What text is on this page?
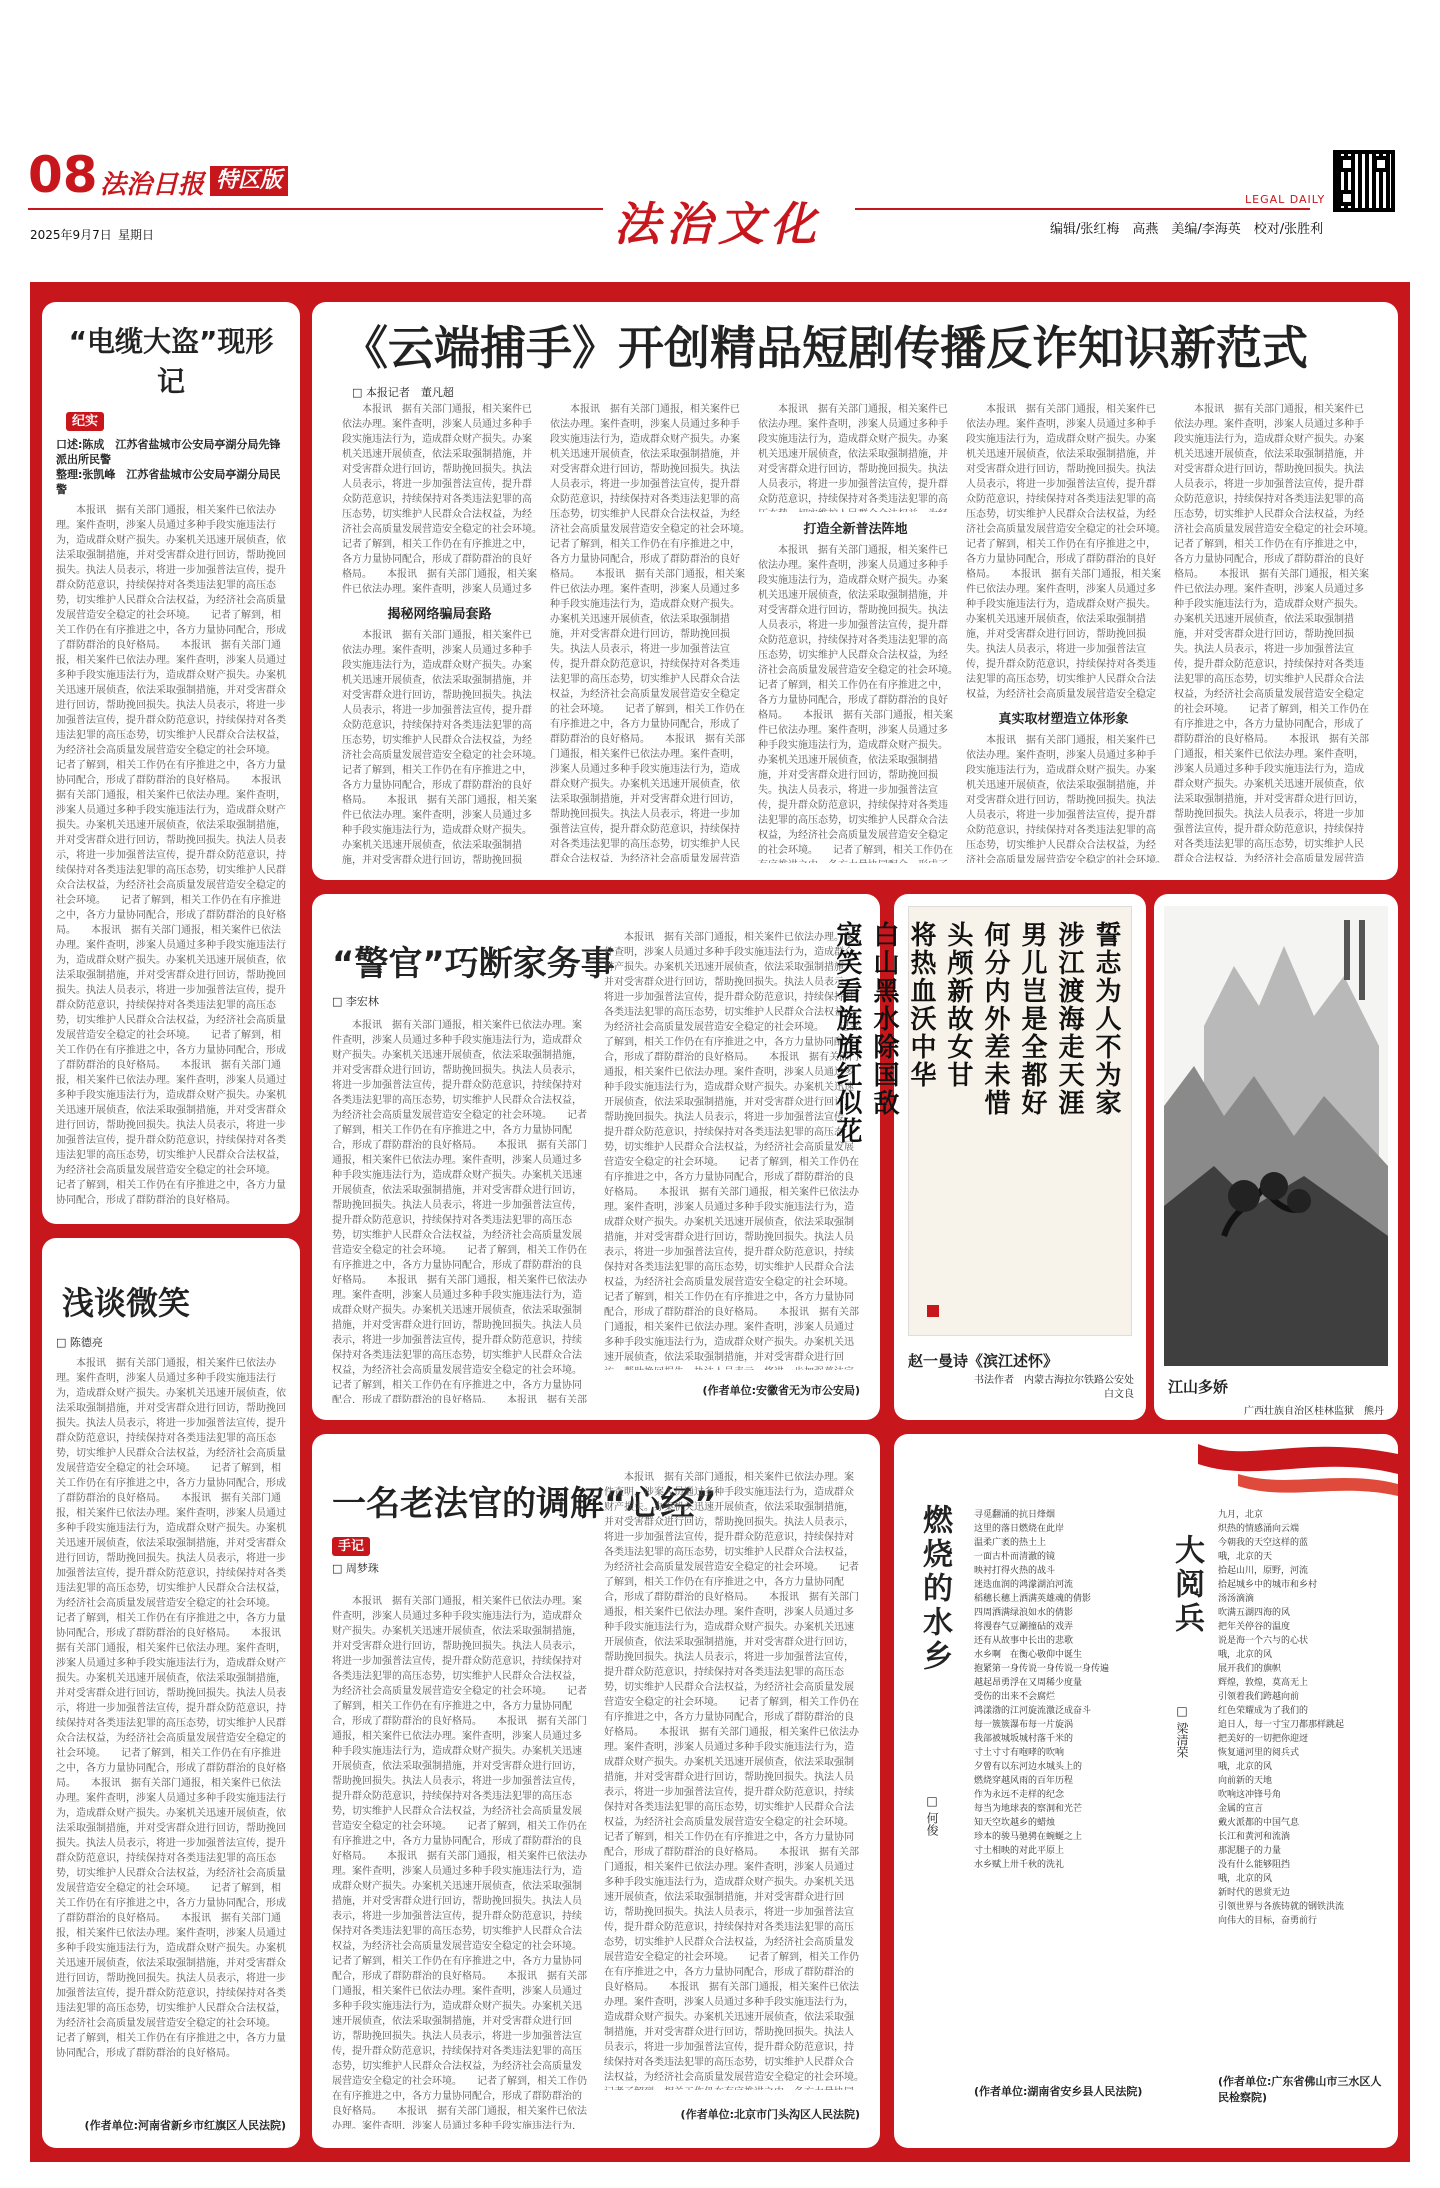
08 法治日报 特区版
2025年9月7日 星期日	法治文化	LEGAL DAILY
编辑/张红梅　高燕　美编/李海英　校对/张胜利
“电缆大盗”现形记
纪实
口述:陈成　江苏省盐城市公安局亭湖分局先锋派出所民警
整理:张凯峰　江苏省盐城市公安局亭湖分局民警
　　本报讯　据有关部门通报，相关案件已依法办理。案件查明，涉案人员通过多种手段实施违法行为，造成群众财产损失。办案机关迅速开展侦查，依法采取强制措施，并对受害群众进行回访，帮助挽回损失。执法人员表示，将进一步加强普法宣传，提升群众防范意识，持续保持对各类违法犯罪的高压态势，切实维护人民群众合法权益，为经济社会高质量发展营造安全稳定的社会环境。　　记者了解到，相关工作仍在有序推进之中，各方力量协同配合，形成了群防群治的良好格局。　　本报讯　据有关部门通报，相关案件已依法办理。案件查明，涉案人员通过多种手段实施违法行为，造成群众财产损失。办案机关迅速开展侦查，依法采取强制措施，并对受害群众进行回访，帮助挽回损失。执法人员表示，将进一步加强普法宣传，提升群众防范意识，持续保持对各类违法犯罪的高压态势，切实维护人民群众合法权益，为经济社会高质量发展营造安全稳定的社会环境。　　记者了解到，相关工作仍在有序推进之中，各方力量协同配合，形成了群防群治的良好格局。　　本报讯　据有关部门通报，相关案件已依法办理。案件查明，涉案人员通过多种手段实施违法行为，造成群众财产损失。办案机关迅速开展侦查，依法采取强制措施，并对受害群众进行回访，帮助挽回损失。执法人员表示，将进一步加强普法宣传，提升群众防范意识，持续保持对各类违法犯罪的高压态势，切实维护人民群众合法权益，为经济社会高质量发展营造安全稳定的社会环境。　　记者了解到，相关工作仍在有序推进之中，各方力量协同配合，形成了群防群治的良好格局。　　本报讯　据有关部门通报，相关案件已依法办理。案件查明，涉案人员通过多种手段实施违法行为，造成群众财产损失。办案机关迅速开展侦查，依法采取强制措施，并对受害群众进行回访，帮助挽回损失。执法人员表示，将进一步加强普法宣传，提升群众防范意识，持续保持对各类违法犯罪的高压态势，切实维护人民群众合法权益，为经济社会高质量发展营造安全稳定的社会环境。　　记者了解到，相关工作仍在有序推进之中，各方力量协同配合，形成了群防群治的良好格局。　　本报讯　据有关部门通报，相关案件已依法办理。案件查明，涉案人员通过多种手段实施违法行为，造成群众财产损失。办案机关迅速开展侦查，依法采取强制措施，并对受害群众进行回访，帮助挽回损失。执法人员表示，将进一步加强普法宣传，提升群众防范意识，持续保持对各类违法犯罪的高压态势，切实维护人民群众合法权益，为经济社会高质量发展营造安全稳定的社会环境。　　记者了解到，相关工作仍在有序推进之中，各方力量协同配合，形成了群防群治的良好格局。
浅谈微笑
□ 陈德亮
　　本报讯　据有关部门通报，相关案件已依法办理。案件查明，涉案人员通过多种手段实施违法行为，造成群众财产损失。办案机关迅速开展侦查，依法采取强制措施，并对受害群众进行回访，帮助挽回损失。执法人员表示，将进一步加强普法宣传，提升群众防范意识，持续保持对各类违法犯罪的高压态势，切实维护人民群众合法权益，为经济社会高质量发展营造安全稳定的社会环境。　　记者了解到，相关工作仍在有序推进之中，各方力量协同配合，形成了群防群治的良好格局。　　本报讯　据有关部门通报，相关案件已依法办理。案件查明，涉案人员通过多种手段实施违法行为，造成群众财产损失。办案机关迅速开展侦查，依法采取强制措施，并对受害群众进行回访，帮助挽回损失。执法人员表示，将进一步加强普法宣传，提升群众防范意识，持续保持对各类违法犯罪的高压态势，切实维护人民群众合法权益，为经济社会高质量发展营造安全稳定的社会环境。　　记者了解到，相关工作仍在有序推进之中，各方力量协同配合，形成了群防群治的良好格局。　　本报讯　据有关部门通报，相关案件已依法办理。案件查明，涉案人员通过多种手段实施违法行为，造成群众财产损失。办案机关迅速开展侦查，依法采取强制措施，并对受害群众进行回访，帮助挽回损失。执法人员表示，将进一步加强普法宣传，提升群众防范意识，持续保持对各类违法犯罪的高压态势，切实维护人民群众合法权益，为经济社会高质量发展营造安全稳定的社会环境。　　记者了解到，相关工作仍在有序推进之中，各方力量协同配合，形成了群防群治的良好格局。　　本报讯　据有关部门通报，相关案件已依法办理。案件查明，涉案人员通过多种手段实施违法行为，造成群众财产损失。办案机关迅速开展侦查，依法采取强制措施，并对受害群众进行回访，帮助挽回损失。执法人员表示，将进一步加强普法宣传，提升群众防范意识，持续保持对各类违法犯罪的高压态势，切实维护人民群众合法权益，为经济社会高质量发展营造安全稳定的社会环境。　　记者了解到，相关工作仍在有序推进之中，各方力量协同配合，形成了群防群治的良好格局。　　本报讯　据有关部门通报，相关案件已依法办理。案件查明，涉案人员通过多种手段实施违法行为，造成群众财产损失。办案机关迅速开展侦查，依法采取强制措施，并对受害群众进行回访，帮助挽回损失。执法人员表示，将进一步加强普法宣传，提升群众防范意识，持续保持对各类违法犯罪的高压态势，切实维护人民群众合法权益，为经济社会高质量发展营造安全稳定的社会环境。　　记者了解到，相关工作仍在有序推进之中，各方力量协同配合，形成了群防群治的良好格局。
(作者单位:河南省新乡市红旗区人民法院)
《云端捕手》开创精品短剧传播反诈知识新范式
□ 本报记者　董凡超
　　本报讯　据有关部门通报，相关案件已依法办理。案件查明，涉案人员通过多种手段实施违法行为，造成群众财产损失。办案机关迅速开展侦查，依法采取强制措施，并对受害群众进行回访，帮助挽回损失。执法人员表示，将进一步加强普法宣传，提升群众防范意识，持续保持对各类违法犯罪的高压态势，切实维护人民群众合法权益，为经济社会高质量发展营造安全稳定的社会环境。　　记者了解到，相关工作仍在有序推进之中，各方力量协同配合，形成了群防群治的良好格局。　　本报讯　据有关部门通报，相关案件已依法办理。案件查明，涉案人员通过多种手段实施违法行为，造成群众财产损失。办案机关迅速开展侦查，依法采取强制措施，并对受害群众进行回访，帮助挽回损失。执法人员表示，将进一步加强普法宣传，提升群众防范意识，持续保持对各类违法犯罪的高压态势，切实维护人民群众合法权益，为经济社会高质量发展营造安全稳定的社会环境。　　记者了解到，相关工作仍在有序推进之中，各方力量协同配合，形成了群防群治的良好格局。　　本报讯　据有关部门通报，相关案件已依法办理。案件查明，涉案人员通过多种手段实施违法行为，造成群众财产损失。办案机关迅速开展侦查，依法采取强制措施，并对受害群众进行回访，帮助挽回损失。执法人员表示，将进一步加强普法宣传，提升群众防范意识，持续保持对各类违法犯罪的高压态势，切实维护人民群众合法权益，为经济社会高质量发展营造安全稳定的社会环境。　　记者了解到，相关工作仍在有序推进之中，各方力量协同配合，形成了群防群治的良好格局。　　本报讯　据有关部门通报，相关案件已依法办理。案件查明，涉案人员通过多种手段实施违法行为，造成群众财产损失。办案机关迅速开展侦查，依法采取强制措施，并对受害群众进行回访，帮助挽回损失。执法人员表示，将进一步加强普法宣传，提升群众防范意识，持续保持对各类违法犯罪的高压态势，切实维护人民群众合法权益，为经济社会高质量发展营造安全稳定的社会环境。　　记者了解到，相关工作仍在有序推进之中，各方力量协同配合，形成了群防群治的良好格局。　　本报讯　据有关部门通报，相关案件已依法办理。案件查明，涉案人员通过多种手段实施违法行为，造成群众财产损失。办案机关迅速开展侦查，依法采取强制措施，并对受害群众进行回访，帮助挽回损失。执法人员表示，将进一步加强普法宣传，提升群众防范意识，持续保持对各类违法犯罪的高压态势，切实维护人民群众合法权益，为经济社会高质量发展营造安全稳定的社会环境。　　记者了解到，相关工作仍在有序推进之中，各方力量协同配合，形成了群防群治的良好格局。
揭秘网络骗局套路
　　本报讯　据有关部门通报，相关案件已依法办理。案件查明，涉案人员通过多种手段实施违法行为，造成群众财产损失。办案机关迅速开展侦查，依法采取强制措施，并对受害群众进行回访，帮助挽回损失。执法人员表示，将进一步加强普法宣传，提升群众防范意识，持续保持对各类违法犯罪的高压态势，切实维护人民群众合法权益，为经济社会高质量发展营造安全稳定的社会环境。　　记者了解到，相关工作仍在有序推进之中，各方力量协同配合，形成了群防群治的良好格局。　　本报讯　据有关部门通报，相关案件已依法办理。案件查明，涉案人员通过多种手段实施违法行为，造成群众财产损失。办案机关迅速开展侦查，依法采取强制措施，并对受害群众进行回访，帮助挽回损失。执法人员表示，将进一步加强普法宣传，提升群众防范意识，持续保持对各类违法犯罪的高压态势，切实维护人民群众合法权益，为经济社会高质量发展营造安全稳定的社会环境。　　记者了解到，相关工作仍在有序推进之中，各方力量协同配合，形成了群防群治的良好格局。　　本报讯　据有关部门通报，相关案件已依法办理。案件查明，涉案人员通过多种手段实施违法行为，造成群众财产损失。办案机关迅速开展侦查，依法采取强制措施，并对受害群众进行回访，帮助挽回损失。执法人员表示，将进一步加强普法宣传，提升群众防范意识，持续保持对各类违法犯罪的高压态势，切实维护人民群众合法权益，为经济社会高质量发展营造安全稳定的社会环境。　　记者了解到，相关工作仍在有序推进之中，各方力量协同配合，形成了群防群治的良好格局。　　本报讯　据有关部门通报，相关案件已依法办理。案件查明，涉案人员通过多种手段实施违法行为，造成群众财产损失。办案机关迅速开展侦查，依法采取强制措施，并对受害群众进行回访，帮助挽回损失。执法人员表示，将进一步加强普法宣传，提升群众防范意识，持续保持对各类违法犯罪的高压态势，切实维护人民群众合法权益，为经济社会高质量发展营造安全稳定的社会环境。　　记者了解到，相关工作仍在有序推进之中，各方力量协同配合，形成了群防群治的良好格局。　　本报讯　据有关部门通报，相关案件已依法办理。案件查明，涉案人员通过多种手段实施违法行为，造成群众财产损失。办案机关迅速开展侦查，依法采取强制措施，并对受害群众进行回访，帮助挽回损失。执法人员表示，将进一步加强普法宣传，提升群众防范意识，持续保持对各类违法犯罪的高压态势，切实维护人民群众合法权益，为经济社会高质量发展营造安全稳定的社会环境。　　记者了解到，相关工作仍在有序推进之中，各方力量协同配合，形成了群防群治的良好格局。
　　本报讯　据有关部门通报，相关案件已依法办理。案件查明，涉案人员通过多种手段实施违法行为，造成群众财产损失。办案机关迅速开展侦查，依法采取强制措施，并对受害群众进行回访，帮助挽回损失。执法人员表示，将进一步加强普法宣传，提升群众防范意识，持续保持对各类违法犯罪的高压态势，切实维护人民群众合法权益，为经济社会高质量发展营造安全稳定的社会环境。　　记者了解到，相关工作仍在有序推进之中，各方力量协同配合，形成了群防群治的良好格局。　　本报讯　据有关部门通报，相关案件已依法办理。案件查明，涉案人员通过多种手段实施违法行为，造成群众财产损失。办案机关迅速开展侦查，依法采取强制措施，并对受害群众进行回访，帮助挽回损失。执法人员表示，将进一步加强普法宣传，提升群众防范意识，持续保持对各类违法犯罪的高压态势，切实维护人民群众合法权益，为经济社会高质量发展营造安全稳定的社会环境。　　记者了解到，相关工作仍在有序推进之中，各方力量协同配合，形成了群防群治的良好格局。　　本报讯　据有关部门通报，相关案件已依法办理。案件查明，涉案人员通过多种手段实施违法行为，造成群众财产损失。办案机关迅速开展侦查，依法采取强制措施，并对受害群众进行回访，帮助挽回损失。执法人员表示，将进一步加强普法宣传，提升群众防范意识，持续保持对各类违法犯罪的高压态势，切实维护人民群众合法权益，为经济社会高质量发展营造安全稳定的社会环境。　　记者了解到，相关工作仍在有序推进之中，各方力量协同配合，形成了群防群治的良好格局。　　本报讯　据有关部门通报，相关案件已依法办理。案件查明，涉案人员通过多种手段实施违法行为，造成群众财产损失。办案机关迅速开展侦查，依法采取强制措施，并对受害群众进行回访，帮助挽回损失。执法人员表示，将进一步加强普法宣传，提升群众防范意识，持续保持对各类违法犯罪的高压态势，切实维护人民群众合法权益，为经济社会高质量发展营造安全稳定的社会环境。　　记者了解到，相关工作仍在有序推进之中，各方力量协同配合，形成了群防群治的良好格局。　　本报讯　据有关部门通报，相关案件已依法办理。案件查明，涉案人员通过多种手段实施违法行为，造成群众财产损失。办案机关迅速开展侦查，依法采取强制措施，并对受害群众进行回访，帮助挽回损失。执法人员表示，将进一步加强普法宣传，提升群众防范意识，持续保持对各类违法犯罪的高压态势，切实维护人民群众合法权益，为经济社会高质量发展营造安全稳定的社会环境。　　记者了解到，相关工作仍在有序推进之中，各方力量协同配合，形成了群防群治的良好格局。
　　本报讯　据有关部门通报，相关案件已依法办理。案件查明，涉案人员通过多种手段实施违法行为，造成群众财产损失。办案机关迅速开展侦查，依法采取强制措施，并对受害群众进行回访，帮助挽回损失。执法人员表示，将进一步加强普法宣传，提升群众防范意识，持续保持对各类违法犯罪的高压态势，切实维护人民群众合法权益，为经济社会高质量发展营造安全稳定的社会环境。　　记者了解到，相关工作仍在有序推进之中，各方力量协同配合，形成了群防群治的良好格局。　　本报讯　据有关部门通报，相关案件已依法办理。案件查明，涉案人员通过多种手段实施违法行为，造成群众财产损失。办案机关迅速开展侦查，依法采取强制措施，并对受害群众进行回访，帮助挽回损失。执法人员表示，将进一步加强普法宣传，提升群众防范意识，持续保持对各类违法犯罪的高压态势，切实维护人民群众合法权益，为经济社会高质量发展营造安全稳定的社会环境。　　记者了解到，相关工作仍在有序推进之中，各方力量协同配合，形成了群防群治的良好格局。　　本报讯　据有关部门通报，相关案件已依法办理。案件查明，涉案人员通过多种手段实施违法行为，造成群众财产损失。办案机关迅速开展侦查，依法采取强制措施，并对受害群众进行回访，帮助挽回损失。执法人员表示，将进一步加强普法宣传，提升群众防范意识，持续保持对各类违法犯罪的高压态势，切实维护人民群众合法权益，为经济社会高质量发展营造安全稳定的社会环境。　　记者了解到，相关工作仍在有序推进之中，各方力量协同配合，形成了群防群治的良好格局。　　本报讯　据有关部门通报，相关案件已依法办理。案件查明，涉案人员通过多种手段实施违法行为，造成群众财产损失。办案机关迅速开展侦查，依法采取强制措施，并对受害群众进行回访，帮助挽回损失。执法人员表示，将进一步加强普法宣传，提升群众防范意识，持续保持对各类违法犯罪的高压态势，切实维护人民群众合法权益，为经济社会高质量发展营造安全稳定的社会环境。　　记者了解到，相关工作仍在有序推进之中，各方力量协同配合，形成了群防群治的良好格局。　　本报讯　据有关部门通报，相关案件已依法办理。案件查明，涉案人员通过多种手段实施违法行为，造成群众财产损失。办案机关迅速开展侦查，依法采取强制措施，并对受害群众进行回访，帮助挽回损失。执法人员表示，将进一步加强普法宣传，提升群众防范意识，持续保持对各类违法犯罪的高压态势，切实维护人民群众合法权益，为经济社会高质量发展营造安全稳定的社会环境。　　记者了解到，相关工作仍在有序推进之中，各方力量协同配合，形成了群防群治的良好格局。
打造全新普法阵地
　　本报讯　据有关部门通报，相关案件已依法办理。案件查明，涉案人员通过多种手段实施违法行为，造成群众财产损失。办案机关迅速开展侦查，依法采取强制措施，并对受害群众进行回访，帮助挽回损失。执法人员表示，将进一步加强普法宣传，提升群众防范意识，持续保持对各类违法犯罪的高压态势，切实维护人民群众合法权益，为经济社会高质量发展营造安全稳定的社会环境。　　记者了解到，相关工作仍在有序推进之中，各方力量协同配合，形成了群防群治的良好格局。　　本报讯　据有关部门通报，相关案件已依法办理。案件查明，涉案人员通过多种手段实施违法行为，造成群众财产损失。办案机关迅速开展侦查，依法采取强制措施，并对受害群众进行回访，帮助挽回损失。执法人员表示，将进一步加强普法宣传，提升群众防范意识，持续保持对各类违法犯罪的高压态势，切实维护人民群众合法权益，为经济社会高质量发展营造安全稳定的社会环境。　　记者了解到，相关工作仍在有序推进之中，各方力量协同配合，形成了群防群治的良好格局。　　本报讯　据有关部门通报，相关案件已依法办理。案件查明，涉案人员通过多种手段实施违法行为，造成群众财产损失。办案机关迅速开展侦查，依法采取强制措施，并对受害群众进行回访，帮助挽回损失。执法人员表示，将进一步加强普法宣传，提升群众防范意识，持续保持对各类违法犯罪的高压态势，切实维护人民群众合法权益，为经济社会高质量发展营造安全稳定的社会环境。　　记者了解到，相关工作仍在有序推进之中，各方力量协同配合，形成了群防群治的良好格局。　　本报讯　据有关部门通报，相关案件已依法办理。案件查明，涉案人员通过多种手段实施违法行为，造成群众财产损失。办案机关迅速开展侦查，依法采取强制措施，并对受害群众进行回访，帮助挽回损失。执法人员表示，将进一步加强普法宣传，提升群众防范意识，持续保持对各类违法犯罪的高压态势，切实维护人民群众合法权益，为经济社会高质量发展营造安全稳定的社会环境。　　记者了解到，相关工作仍在有序推进之中，各方力量协同配合，形成了群防群治的良好格局。　　本报讯　据有关部门通报，相关案件已依法办理。案件查明，涉案人员通过多种手段实施违法行为，造成群众财产损失。办案机关迅速开展侦查，依法采取强制措施，并对受害群众进行回访，帮助挽回损失。执法人员表示，将进一步加强普法宣传，提升群众防范意识，持续保持对各类违法犯罪的高压态势，切实维护人民群众合法权益，为经济社会高质量发展营造安全稳定的社会环境。　　记者了解到，相关工作仍在有序推进之中，各方力量协同配合，形成了群防群治的良好格局。
　　本报讯　据有关部门通报，相关案件已依法办理。案件查明，涉案人员通过多种手段实施违法行为，造成群众财产损失。办案机关迅速开展侦查，依法采取强制措施，并对受害群众进行回访，帮助挽回损失。执法人员表示，将进一步加强普法宣传，提升群众防范意识，持续保持对各类违法犯罪的高压态势，切实维护人民群众合法权益，为经济社会高质量发展营造安全稳定的社会环境。　　记者了解到，相关工作仍在有序推进之中，各方力量协同配合，形成了群防群治的良好格局。　　本报讯　据有关部门通报，相关案件已依法办理。案件查明，涉案人员通过多种手段实施违法行为，造成群众财产损失。办案机关迅速开展侦查，依法采取强制措施，并对受害群众进行回访，帮助挽回损失。执法人员表示，将进一步加强普法宣传，提升群众防范意识，持续保持对各类违法犯罪的高压态势，切实维护人民群众合法权益，为经济社会高质量发展营造安全稳定的社会环境。　　记者了解到，相关工作仍在有序推进之中，各方力量协同配合，形成了群防群治的良好格局。　　本报讯　据有关部门通报，相关案件已依法办理。案件查明，涉案人员通过多种手段实施违法行为，造成群众财产损失。办案机关迅速开展侦查，依法采取强制措施，并对受害群众进行回访，帮助挽回损失。执法人员表示，将进一步加强普法宣传，提升群众防范意识，持续保持对各类违法犯罪的高压态势，切实维护人民群众合法权益，为经济社会高质量发展营造安全稳定的社会环境。　　记者了解到，相关工作仍在有序推进之中，各方力量协同配合，形成了群防群治的良好格局。　　本报讯　据有关部门通报，相关案件已依法办理。案件查明，涉案人员通过多种手段实施违法行为，造成群众财产损失。办案机关迅速开展侦查，依法采取强制措施，并对受害群众进行回访，帮助挽回损失。执法人员表示，将进一步加强普法宣传，提升群众防范意识，持续保持对各类违法犯罪的高压态势，切实维护人民群众合法权益，为经济社会高质量发展营造安全稳定的社会环境。　　记者了解到，相关工作仍在有序推进之中，各方力量协同配合，形成了群防群治的良好格局。　　本报讯　据有关部门通报，相关案件已依法办理。案件查明，涉案人员通过多种手段实施违法行为，造成群众财产损失。办案机关迅速开展侦查，依法采取强制措施，并对受害群众进行回访，帮助挽回损失。执法人员表示，将进一步加强普法宣传，提升群众防范意识，持续保持对各类违法犯罪的高压态势，切实维护人民群众合法权益，为经济社会高质量发展营造安全稳定的社会环境。　　记者了解到，相关工作仍在有序推进之中，各方力量协同配合，形成了群防群治的良好格局。
真实取材塑造立体形象
　　本报讯　据有关部门通报，相关案件已依法办理。案件查明，涉案人员通过多种手段实施违法行为，造成群众财产损失。办案机关迅速开展侦查，依法采取强制措施，并对受害群众进行回访，帮助挽回损失。执法人员表示，将进一步加强普法宣传，提升群众防范意识，持续保持对各类违法犯罪的高压态势，切实维护人民群众合法权益，为经济社会高质量发展营造安全稳定的社会环境。　　记者了解到，相关工作仍在有序推进之中，各方力量协同配合，形成了群防群治的良好格局。　　本报讯　据有关部门通报，相关案件已依法办理。案件查明，涉案人员通过多种手段实施违法行为，造成群众财产损失。办案机关迅速开展侦查，依法采取强制措施，并对受害群众进行回访，帮助挽回损失。执法人员表示，将进一步加强普法宣传，提升群众防范意识，持续保持对各类违法犯罪的高压态势，切实维护人民群众合法权益，为经济社会高质量发展营造安全稳定的社会环境。　　记者了解到，相关工作仍在有序推进之中，各方力量协同配合，形成了群防群治的良好格局。　　本报讯　据有关部门通报，相关案件已依法办理。案件查明，涉案人员通过多种手段实施违法行为，造成群众财产损失。办案机关迅速开展侦查，依法采取强制措施，并对受害群众进行回访，帮助挽回损失。执法人员表示，将进一步加强普法宣传，提升群众防范意识，持续保持对各类违法犯罪的高压态势，切实维护人民群众合法权益，为经济社会高质量发展营造安全稳定的社会环境。　　记者了解到，相关工作仍在有序推进之中，各方力量协同配合，形成了群防群治的良好格局。　　本报讯　据有关部门通报，相关案件已依法办理。案件查明，涉案人员通过多种手段实施违法行为，造成群众财产损失。办案机关迅速开展侦查，依法采取强制措施，并对受害群众进行回访，帮助挽回损失。执法人员表示，将进一步加强普法宣传，提升群众防范意识，持续保持对各类违法犯罪的高压态势，切实维护人民群众合法权益，为经济社会高质量发展营造安全稳定的社会环境。　　记者了解到，相关工作仍在有序推进之中，各方力量协同配合，形成了群防群治的良好格局。　　本报讯　据有关部门通报，相关案件已依法办理。案件查明，涉案人员通过多种手段实施违法行为，造成群众财产损失。办案机关迅速开展侦查，依法采取强制措施，并对受害群众进行回访，帮助挽回损失。执法人员表示，将进一步加强普法宣传，提升群众防范意识，持续保持对各类违法犯罪的高压态势，切实维护人民群众合法权益，为经济社会高质量发展营造安全稳定的社会环境。　　记者了解到，相关工作仍在有序推进之中，各方力量协同配合，形成了群防群治的良好格局。
　　本报讯　据有关部门通报，相关案件已依法办理。案件查明，涉案人员通过多种手段实施违法行为，造成群众财产损失。办案机关迅速开展侦查，依法采取强制措施，并对受害群众进行回访，帮助挽回损失。执法人员表示，将进一步加强普法宣传，提升群众防范意识，持续保持对各类违法犯罪的高压态势，切实维护人民群众合法权益，为经济社会高质量发展营造安全稳定的社会环境。　　记者了解到，相关工作仍在有序推进之中，各方力量协同配合，形成了群防群治的良好格局。　　本报讯　据有关部门通报，相关案件已依法办理。案件查明，涉案人员通过多种手段实施违法行为，造成群众财产损失。办案机关迅速开展侦查，依法采取强制措施，并对受害群众进行回访，帮助挽回损失。执法人员表示，将进一步加强普法宣传，提升群众防范意识，持续保持对各类违法犯罪的高压态势，切实维护人民群众合法权益，为经济社会高质量发展营造安全稳定的社会环境。　　记者了解到，相关工作仍在有序推进之中，各方力量协同配合，形成了群防群治的良好格局。　　本报讯　据有关部门通报，相关案件已依法办理。案件查明，涉案人员通过多种手段实施违法行为，造成群众财产损失。办案机关迅速开展侦查，依法采取强制措施，并对受害群众进行回访，帮助挽回损失。执法人员表示，将进一步加强普法宣传，提升群众防范意识，持续保持对各类违法犯罪的高压态势，切实维护人民群众合法权益，为经济社会高质量发展营造安全稳定的社会环境。　　记者了解到，相关工作仍在有序推进之中，各方力量协同配合，形成了群防群治的良好格局。　　本报讯　据有关部门通报，相关案件已依法办理。案件查明，涉案人员通过多种手段实施违法行为，造成群众财产损失。办案机关迅速开展侦查，依法采取强制措施，并对受害群众进行回访，帮助挽回损失。执法人员表示，将进一步加强普法宣传，提升群众防范意识，持续保持对各类违法犯罪的高压态势，切实维护人民群众合法权益，为经济社会高质量发展营造安全稳定的社会环境。　　记者了解到，相关工作仍在有序推进之中，各方力量协同配合，形成了群防群治的良好格局。　　本报讯　据有关部门通报，相关案件已依法办理。案件查明，涉案人员通过多种手段实施违法行为，造成群众财产损失。办案机关迅速开展侦查，依法采取强制措施，并对受害群众进行回访，帮助挽回损失。执法人员表示，将进一步加强普法宣传，提升群众防范意识，持续保持对各类违法犯罪的高压态势，切实维护人民群众合法权益，为经济社会高质量发展营造安全稳定的社会环境。　　记者了解到，相关工作仍在有序推进之中，各方力量协同配合，形成了群防群治的良好格局。
“警官”巧断家务事
□ 李宏林
　　本报讯　据有关部门通报，相关案件已依法办理。案件查明，涉案人员通过多种手段实施违法行为，造成群众财产损失。办案机关迅速开展侦查，依法采取强制措施，并对受害群众进行回访，帮助挽回损失。执法人员表示，将进一步加强普法宣传，提升群众防范意识，持续保持对各类违法犯罪的高压态势，切实维护人民群众合法权益，为经济社会高质量发展营造安全稳定的社会环境。　　记者了解到，相关工作仍在有序推进之中，各方力量协同配合，形成了群防群治的良好格局。　　本报讯　据有关部门通报，相关案件已依法办理。案件查明，涉案人员通过多种手段实施违法行为，造成群众财产损失。办案机关迅速开展侦查，依法采取强制措施，并对受害群众进行回访，帮助挽回损失。执法人员表示，将进一步加强普法宣传，提升群众防范意识，持续保持对各类违法犯罪的高压态势，切实维护人民群众合法权益，为经济社会高质量发展营造安全稳定的社会环境。　　记者了解到，相关工作仍在有序推进之中，各方力量协同配合，形成了群防群治的良好格局。　　本报讯　据有关部门通报，相关案件已依法办理。案件查明，涉案人员通过多种手段实施违法行为，造成群众财产损失。办案机关迅速开展侦查，依法采取强制措施，并对受害群众进行回访，帮助挽回损失。执法人员表示，将进一步加强普法宣传，提升群众防范意识，持续保持对各类违法犯罪的高压态势，切实维护人民群众合法权益，为经济社会高质量发展营造安全稳定的社会环境。　　记者了解到，相关工作仍在有序推进之中，各方力量协同配合，形成了群防群治的良好格局。　　本报讯　据有关部门通报，相关案件已依法办理。案件查明，涉案人员通过多种手段实施违法行为，造成群众财产损失。办案机关迅速开展侦查，依法采取强制措施，并对受害群众进行回访，帮助挽回损失。执法人员表示，将进一步加强普法宣传，提升群众防范意识，持续保持对各类违法犯罪的高压态势，切实维护人民群众合法权益，为经济社会高质量发展营造安全稳定的社会环境。　　记者了解到，相关工作仍在有序推进之中，各方力量协同配合，形成了群防群治的良好格局。　　本报讯　据有关部门通报，相关案件已依法办理。案件查明，涉案人员通过多种手段实施违法行为，造成群众财产损失。办案机关迅速开展侦查，依法采取强制措施，并对受害群众进行回访，帮助挽回损失。执法人员表示，将进一步加强普法宣传，提升群众防范意识，持续保持对各类违法犯罪的高压态势，切实维护人民群众合法权益，为经济社会高质量发展营造安全稳定的社会环境。　　记者了解到，相关工作仍在有序推进之中，各方力量协同配合，形成了群防群治的良好格局。
　　本报讯　据有关部门通报，相关案件已依法办理。案件查明，涉案人员通过多种手段实施违法行为，造成群众财产损失。办案机关迅速开展侦查，依法采取强制措施，并对受害群众进行回访，帮助挽回损失。执法人员表示，将进一步加强普法宣传，提升群众防范意识，持续保持对各类违法犯罪的高压态势，切实维护人民群众合法权益，为经济社会高质量发展营造安全稳定的社会环境。　　记者了解到，相关工作仍在有序推进之中，各方力量协同配合，形成了群防群治的良好格局。　　本报讯　据有关部门通报，相关案件已依法办理。案件查明，涉案人员通过多种手段实施违法行为，造成群众财产损失。办案机关迅速开展侦查，依法采取强制措施，并对受害群众进行回访，帮助挽回损失。执法人员表示，将进一步加强普法宣传，提升群众防范意识，持续保持对各类违法犯罪的高压态势，切实维护人民群众合法权益，为经济社会高质量发展营造安全稳定的社会环境。　　记者了解到，相关工作仍在有序推进之中，各方力量协同配合，形成了群防群治的良好格局。　　本报讯　据有关部门通报，相关案件已依法办理。案件查明，涉案人员通过多种手段实施违法行为，造成群众财产损失。办案机关迅速开展侦查，依法采取强制措施，并对受害群众进行回访，帮助挽回损失。执法人员表示，将进一步加强普法宣传，提升群众防范意识，持续保持对各类违法犯罪的高压态势，切实维护人民群众合法权益，为经济社会高质量发展营造安全稳定的社会环境。　　记者了解到，相关工作仍在有序推进之中，各方力量协同配合，形成了群防群治的良好格局。　　本报讯　据有关部门通报，相关案件已依法办理。案件查明，涉案人员通过多种手段实施违法行为，造成群众财产损失。办案机关迅速开展侦查，依法采取强制措施，并对受害群众进行回访，帮助挽回损失。执法人员表示，将进一步加强普法宣传，提升群众防范意识，持续保持对各类违法犯罪的高压态势，切实维护人民群众合法权益，为经济社会高质量发展营造安全稳定的社会环境。　　记者了解到，相关工作仍在有序推进之中，各方力量协同配合，形成了群防群治的良好格局。　　本报讯　据有关部门通报，相关案件已依法办理。案件查明，涉案人员通过多种手段实施违法行为，造成群众财产损失。办案机关迅速开展侦查，依法采取强制措施，并对受害群众进行回访，帮助挽回损失。执法人员表示，将进一步加强普法宣传，提升群众防范意识，持续保持对各类违法犯罪的高压态势，切实维护人民群众合法权益，为经济社会高质量发展营造安全稳定的社会环境。　　记者了解到，相关工作仍在有序推进之中，各方力量协同配合，形成了群防群治的良好格局。
(作者单位:安徽省无为市公安局)
誓志为人不为家
涉江渡海走天涯
男儿岂是全都好
何分内外差未惜
头颅新故女甘
将热血沃中华
白山黑水除国敌
寇笑看旌旗红似花
赵一曼诗《滨江述怀》
书法作者　内蒙古海拉尔铁路公安处　白文良 江山多娇
广西壮族自治区桂林监狱　熊丹
一名老法官的调解“心经”
手记
□ 周梦珠
　　本报讯　据有关部门通报，相关案件已依法办理。案件查明，涉案人员通过多种手段实施违法行为，造成群众财产损失。办案机关迅速开展侦查，依法采取强制措施，并对受害群众进行回访，帮助挽回损失。执法人员表示，将进一步加强普法宣传，提升群众防范意识，持续保持对各类违法犯罪的高压态势，切实维护人民群众合法权益，为经济社会高质量发展营造安全稳定的社会环境。　　记者了解到，相关工作仍在有序推进之中，各方力量协同配合，形成了群防群治的良好格局。　　本报讯　据有关部门通报，相关案件已依法办理。案件查明，涉案人员通过多种手段实施违法行为，造成群众财产损失。办案机关迅速开展侦查，依法采取强制措施，并对受害群众进行回访，帮助挽回损失。执法人员表示，将进一步加强普法宣传，提升群众防范意识，持续保持对各类违法犯罪的高压态势，切实维护人民群众合法权益，为经济社会高质量发展营造安全稳定的社会环境。　　记者了解到，相关工作仍在有序推进之中，各方力量协同配合，形成了群防群治的良好格局。　　本报讯　据有关部门通报，相关案件已依法办理。案件查明，涉案人员通过多种手段实施违法行为，造成群众财产损失。办案机关迅速开展侦查，依法采取强制措施，并对受害群众进行回访，帮助挽回损失。执法人员表示，将进一步加强普法宣传，提升群众防范意识，持续保持对各类违法犯罪的高压态势，切实维护人民群众合法权益，为经济社会高质量发展营造安全稳定的社会环境。　　记者了解到，相关工作仍在有序推进之中，各方力量协同配合，形成了群防群治的良好格局。　　本报讯　据有关部门通报，相关案件已依法办理。案件查明，涉案人员通过多种手段实施违法行为，造成群众财产损失。办案机关迅速开展侦查，依法采取强制措施，并对受害群众进行回访，帮助挽回损失。执法人员表示，将进一步加强普法宣传，提升群众防范意识，持续保持对各类违法犯罪的高压态势，切实维护人民群众合法权益，为经济社会高质量发展营造安全稳定的社会环境。　　记者了解到，相关工作仍在有序推进之中，各方力量协同配合，形成了群防群治的良好格局。　　本报讯　据有关部门通报，相关案件已依法办理。案件查明，涉案人员通过多种手段实施违法行为，造成群众财产损失。办案机关迅速开展侦查，依法采取强制措施，并对受害群众进行回访，帮助挽回损失。执法人员表示，将进一步加强普法宣传，提升群众防范意识，持续保持对各类违法犯罪的高压态势，切实维护人民群众合法权益，为经济社会高质量发展营造安全稳定的社会环境。　　记者了解到，相关工作仍在有序推进之中，各方力量协同配合，形成了群防群治的良好格局。
　　本报讯　据有关部门通报，相关案件已依法办理。案件查明，涉案人员通过多种手段实施违法行为，造成群众财产损失。办案机关迅速开展侦查，依法采取强制措施，并对受害群众进行回访，帮助挽回损失。执法人员表示，将进一步加强普法宣传，提升群众防范意识，持续保持对各类违法犯罪的高压态势，切实维护人民群众合法权益，为经济社会高质量发展营造安全稳定的社会环境。　　记者了解到，相关工作仍在有序推进之中，各方力量协同配合，形成了群防群治的良好格局。　　本报讯　据有关部门通报，相关案件已依法办理。案件查明，涉案人员通过多种手段实施违法行为，造成群众财产损失。办案机关迅速开展侦查，依法采取强制措施，并对受害群众进行回访，帮助挽回损失。执法人员表示，将进一步加强普法宣传，提升群众防范意识，持续保持对各类违法犯罪的高压态势，切实维护人民群众合法权益，为经济社会高质量发展营造安全稳定的社会环境。　　记者了解到，相关工作仍在有序推进之中，各方力量协同配合，形成了群防群治的良好格局。　　本报讯　据有关部门通报，相关案件已依法办理。案件查明，涉案人员通过多种手段实施违法行为，造成群众财产损失。办案机关迅速开展侦查，依法采取强制措施，并对受害群众进行回访，帮助挽回损失。执法人员表示，将进一步加强普法宣传，提升群众防范意识，持续保持对各类违法犯罪的高压态势，切实维护人民群众合法权益，为经济社会高质量发展营造安全稳定的社会环境。　　记者了解到，相关工作仍在有序推进之中，各方力量协同配合，形成了群防群治的良好格局。　　本报讯　据有关部门通报，相关案件已依法办理。案件查明，涉案人员通过多种手段实施违法行为，造成群众财产损失。办案机关迅速开展侦查，依法采取强制措施，并对受害群众进行回访，帮助挽回损失。执法人员表示，将进一步加强普法宣传，提升群众防范意识，持续保持对各类违法犯罪的高压态势，切实维护人民群众合法权益，为经济社会高质量发展营造安全稳定的社会环境。　　记者了解到，相关工作仍在有序推进之中，各方力量协同配合，形成了群防群治的良好格局。　　本报讯　据有关部门通报，相关案件已依法办理。案件查明，涉案人员通过多种手段实施违法行为，造成群众财产损失。办案机关迅速开展侦查，依法采取强制措施，并对受害群众进行回访，帮助挽回损失。执法人员表示，将进一步加强普法宣传，提升群众防范意识，持续保持对各类违法犯罪的高压态势，切实维护人民群众合法权益，为经济社会高质量发展营造安全稳定的社会环境。　　记者了解到，相关工作仍在有序推进之中，各方力量协同配合，形成了群防群治的良好格局。
(作者单位:北京市门头沟区人民法院)
燃烧的水乡
□ 何俊
寻觅翻涌的抗日烽烟
这里的落日燃烧在此岸
温柔广袤的热土上
一面古朴而清澈的镜
映衬打得火热的战斗
迷迭血润的鸿濛湖泊河流
稻穗长穗上洒满英雄魂的倩影
四周洒满绿浪如水的倩影
将漫春气豆涮撞砧的戏弄
还有从故事中长出的悲歌
水乡啊　在衡心敬仰中诞生
抱紧第一身传说一身传说一身传遍
越起昂勇浮在又周稀少度量
受伤的出来不会腐烂
鸿漾渤的江河旋流激泛成奋斗
每一簇簇瀑布每一片旋涡
我部被城坂城村落千米的
寸土寸寸有咆哮的吹响
夕曾有以东河边水城头上的
燃烧穿越风雨的百年历程
作为永远不走样的纪念
每当为地球表的察洞和光芒
知天空坎越乡的蜡烛
珍本的骏马驰骋在蜿蜒之上
寸土相映的对此平原上
水乡赋上卅千秋的洗礼
(作者单位:湖南省安乡县人民法院)
大阅兵
□ 梁清荣
九月，北京
炽热的情感涌向云端
今朝我的天空这样的蓝
哦，北京的天
拾起山川，原野，河流
拾起城乡中的城市和乡村
汤汤滴滴
吹满五湖四海的风
把年关停谷的温度
说是海一个六与的心状
哦，北京的风
展开我们的旗帜
辉煌，敦煌，莫高无上
引领着我们跨越向前
红色荣耀成为了我们的
追日人，每一寸宝刀都那样跳起
把美好的一切把你迎迓
恢复通河里的阅兵式
哦，北京的风
向前新的天地
吹响这冲锋号角
金属的宣言
戴火派都的中国气息
长江和黄河和流淌
那泥腿子的力量
没有什么能够阻挡
哦，北京的风
新时代的恩赏无边
引领世界与各族铸就的钢铁洪流
向伟大的目标，奋勇前行
(作者单位:广东省佛山市三水区人民检察院)
